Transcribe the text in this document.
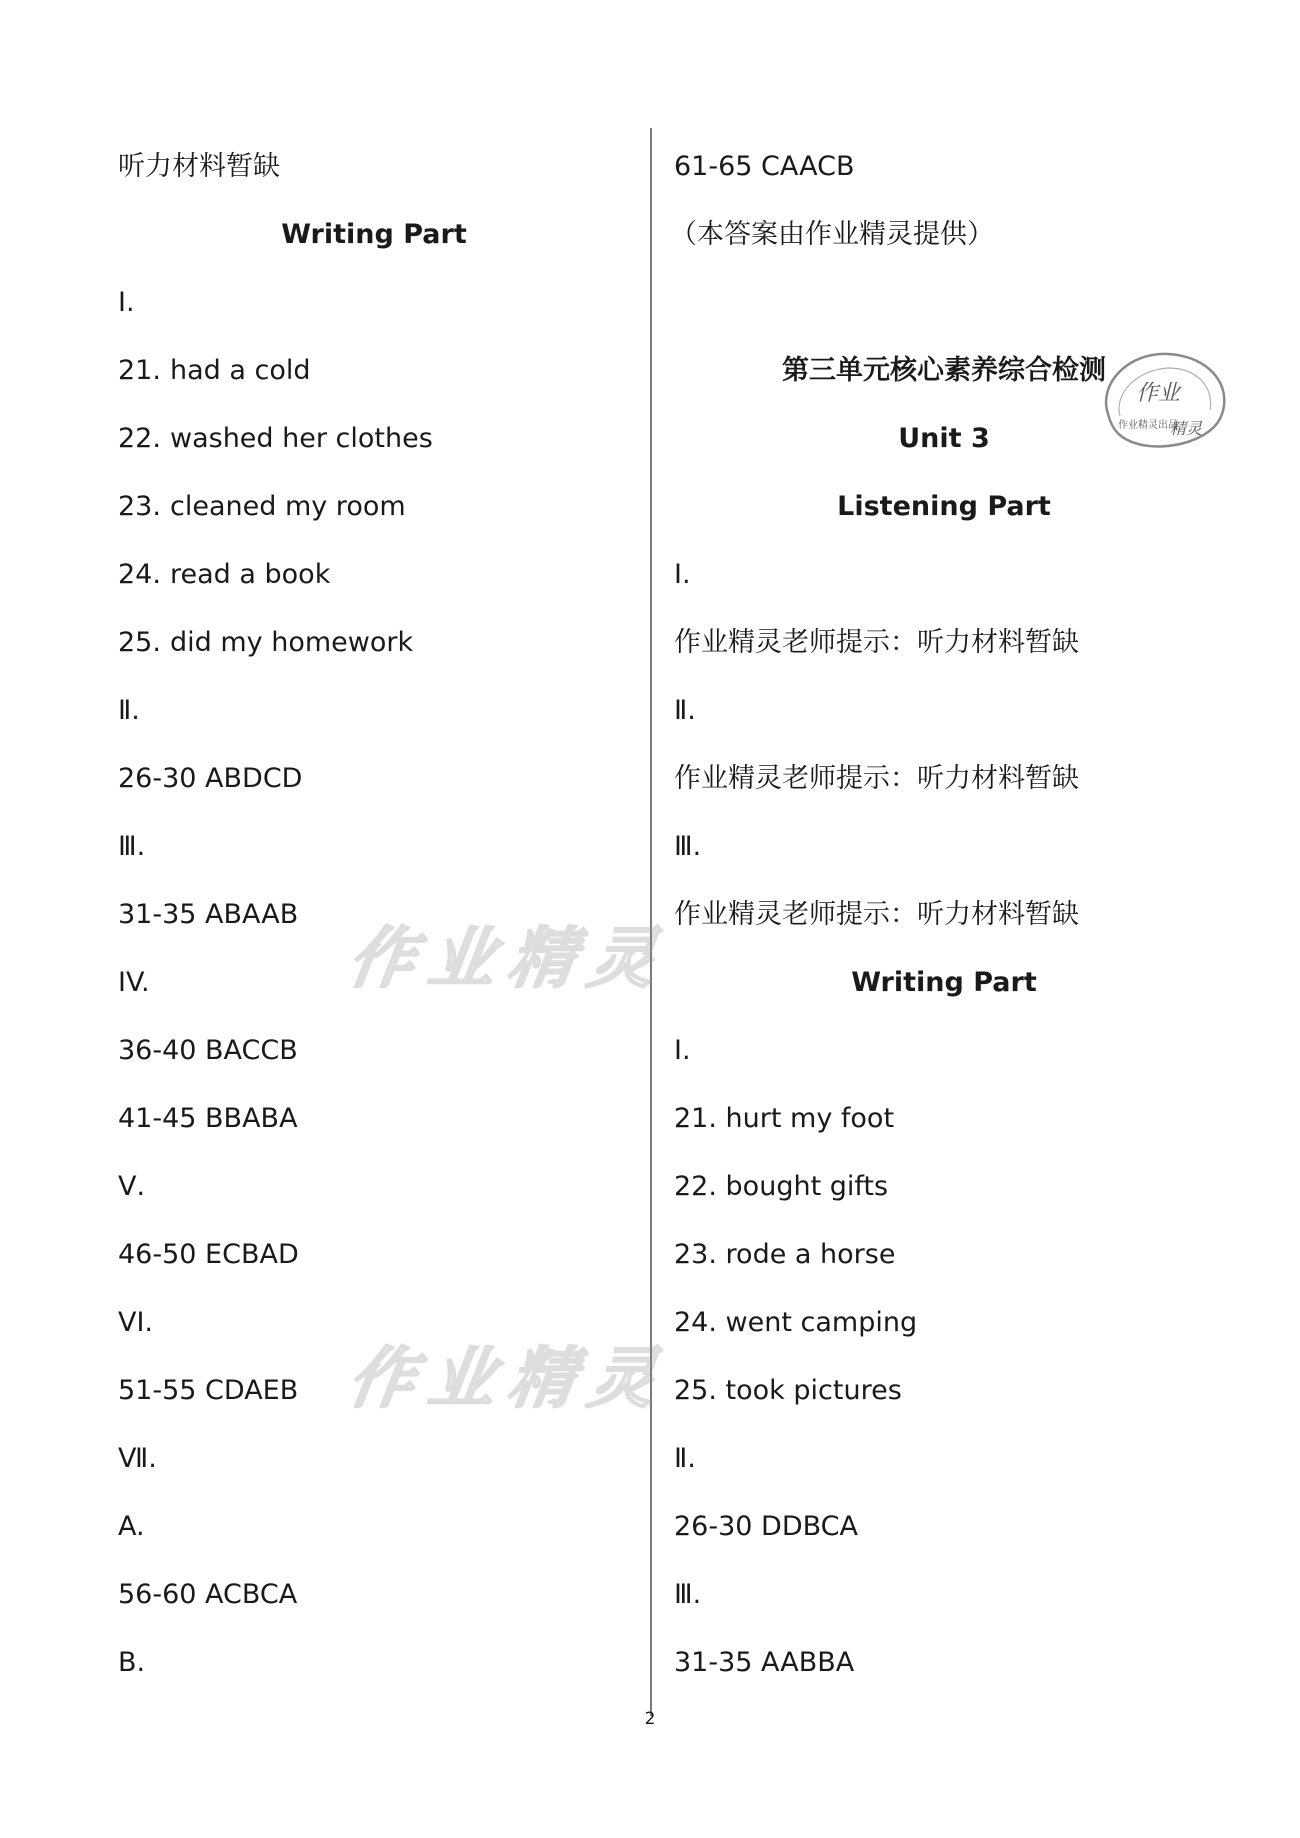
听力材料暂缺
Writing Part
Ⅰ.
21. had a cold
22. washed her clothes
23. cleaned my room
24. read a book
25. did my homework
Ⅱ.
26-30 ABDCD
Ⅲ.
31-35 ABAAB
IV.
36-40 BACCB
41-45 BBABA
Ⅴ.
46-50 ECBAD
VI.
51-55 CDAEB
Ⅶ.
A.
56-60 ACBCA
B.
61-65 CAACB
（本答案由作业精灵提供）
第三单元核心素养综合检测
Unit 3
Listening Part
Ⅰ.
作业精灵老师提示：听力材料暂缺
Ⅱ.
作业精灵老师提示：听力材料暂缺
Ⅲ.
作业精灵老师提示：听力材料暂缺
Writing Part
Ⅰ.
21. hurt my foot
22. bought gifts
23. rode a horse
24. went camping
25. took pictures
Ⅱ.
26-30 DDBCA
Ⅲ.
31-35 AABBA
作业精灵
作业精灵
作业
作业精灵出品
精灵
2
